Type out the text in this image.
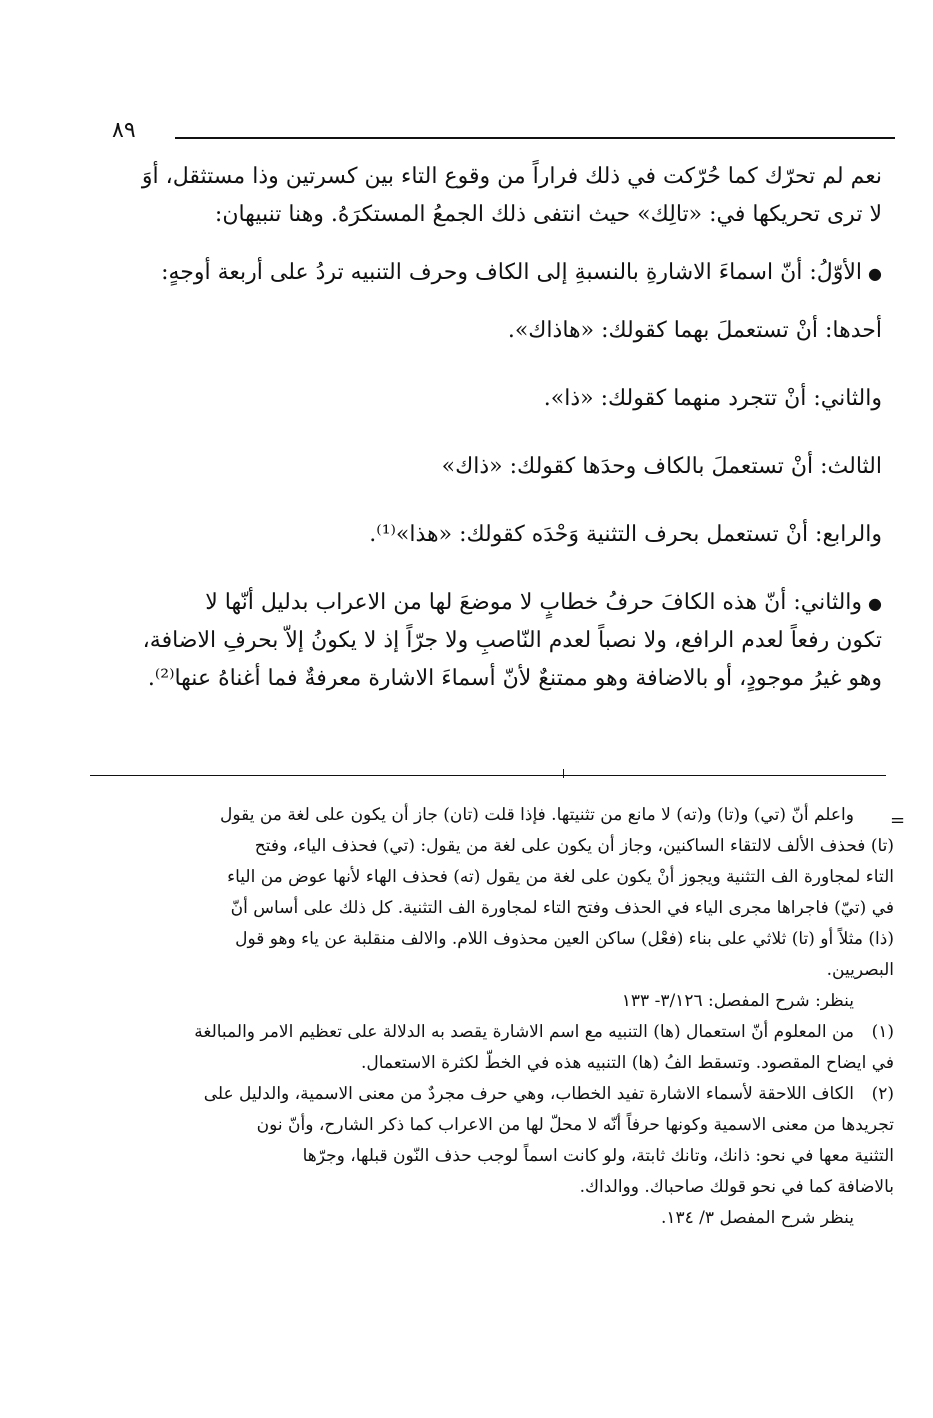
٨٩
نعم لم تحرّك كما حُرّكت في ذلك فراراً من وقوع التاء بين كسرتين وذا مستثقل، أوَ
لا ترى تحريكها في: «تالِك» حيث انتفى ذلك الجمعُ المستكرَهُ. وهنا تنبيهان:
●الأوّلُ: أنّ اسماءَ الاشارةِ بالنسبةِ إلى الكاف وحرف التنبيه تردُ على أربعة أوجهٍ:
أحدها: أنْ تستعملَ بهما كقولك: «هاذاك».
والثاني: أنْ تتجرد منهما كقولك: «ذا».
الثالث: أنْ تستعملَ بالكاف وحدَها كقولك: «ذاك»
والرابع: أنْ تستعمل بحرف التثنية وَحْدَه كقولك: «هذا»⁽¹⁾.
●والثاني: أنّ هذه الكافَ حرفُ خطابٍ لا موضعَ لها من الاعراب بدليل أنّها لا
تكون رفعاً لعدم الرافع، ولا نصباً لعدم النّاصبِ ولا جرّاً إذ لا يكونُ إلاّ بحرفِ الاضافة،
وهو غيرُ موجودٍ، أو بالاضافة وهو ممتنعٌ لأنّ أسماءَ الاشارة معرفةٌ فما أغناهُ عنها⁽²⁾.
=
واعلم أنّ (تي) و(تا) و(ته) لا مانع من تثنيتها. فإذا قلت (تان) جاز أن يكون على لغة من يقول
(تا) فحذف الألف لالتقاء الساكنين، وجاز أن يكون على لغة من يقول: (تي) فحذف الياء، وفتح
التاء لمجاورة الف التثنية ويجوز أنْ يكون على لغة من يقول (ته) فحذف الهاء لأنها عوض من الياء
في (تيّ) فاجراها مجرى الياء في الحذف وفتح التاء لمجاورة الف التثنية. كل ذلك على أساس أنّ
(ذا) مثلاً أو (تا) ثلاثي على بناء (فعْل) ساكن العين محذوف اللام. والالف منقلبة عن ياء وهو قول
البصريين.
ينظر: شرح المفصل: ٣/١٢٦- ١٣٣
(١)من المعلوم أنّ استعمال (ها) التنبيه مع اسم الاشارة يقصد به الدلالة على تعظيم الامر والمبالغة
في ايضاح المقصود. وتسقط الفُ (ها) التنبيه هذه في الخطّ لكثرة الاستعمال.
(٢)الكاف اللاحقة لأسماء الاشارة تفيد الخطاب، وهي حرف مجردٌ من معنى الاسمية، والدليل على
تجريدها من معنى الاسمية وكونها حرفاً أنّه لا محلّ لها من الاعراب كما ذكر الشارح، وأنّ نون
التثنية معها في نحو: ذانك، وتانك ثابتة، ولو كانت اسماً لوجب حذف النّون قبلها، وجرّها
بالاضافة كما في نحو قولك صاحباك. ووالداك.
ينظر شرح المفصل ٣/ ١٣٤.
